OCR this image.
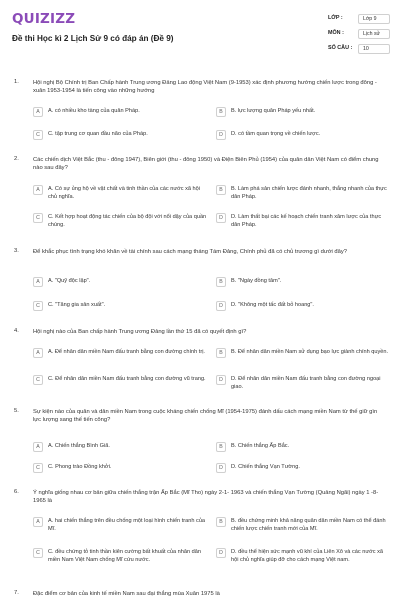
QUIZIZZ
Đề thi Học kì 2 Lịch Sử 9 có đáp án (Đề 9)
LỚP :	Lớp 9
MÔN :	Lịch sử
SỐ CÂU :	10
1. Hội nghị Bộ Chính trị Ban Chấp hành Trung ương Đảng Lao động Việt Nam (9-1953) xác định phương hướng chiến lược trong đông - xuân 1953-1954 là tiến công vào những hướng
A	A. có nhiều kho tàng của quân Pháp.	B	B. lực lượng quân Pháp yếu nhất.
C	C. tập trung cơ quan đầu não của Pháp.	D	D. có tầm quan trọng về chiến lược.
2. Các chiến dịch Việt Bắc (thu - đông 1947), Biên giới (thu - đông 1950) và Điện Biên Phủ (1954) của quân dân Việt Nam có điểm chung nào sau đây?
A	A. Có sự ủng hộ về vật chất và tinh thần của các nước xã hội chủ nghĩa.
B	B. Làm phá sản chiến lược đánh nhanh, thắng nhanh của thực dân Pháp.
C	C. Kết hợp hoạt động tác chiến của bộ đội với nổi dậy của quần chúng.
D	D. Làm thất bại các kế hoạch chiến tranh xâm lược của thực dân Pháp.
3. Để khắc phục tình trạng khó khăn về tài chính sau cách mạng tháng Tám Đảng, Chính phủ đã có chủ trương gì dưới đây?
A	A. "Quỹ độc lập".	B	B. "Ngày đồng tâm".
C	C. "Tăng gia sản xuất".	D	D. "Không một tấc đất bỏ hoang".
4. Hội nghị nào của Ban chấp hành Trung ương Đảng lần thứ 15 đã có quyết định gì?
A	A. Để nhân dân miền Nam đấu tranh bằng con đường chính trị.	B	B. Để nhân dân miền Nam sử dụng bạo lực giành chính quyền.
C	C. Để nhân dân miền Nam đấu tranh bằng con đường vũ trang.	D	D. Để nhân dân miền Nam đấu tranh bằng con đường ngoại giao.
5. Sự kiện nào của quân và dân miền Nam trong cuộc kháng chiến chống Mĩ (1954-1975) đánh dấu cách mạng miền Nam từ thế giữ gìn lực lượng sang thế tiến công?
A	A. Chiến thắng Bình Giã.	B	B. Chiến thắng Ấp Bắc.
C	C. Phong trào Đồng khởi.	D	D. Chiến thắng Vạn Tường.
6. Ý nghĩa giống nhau cơ bản giữa chiến thắng trận Ấp Bắc (Mĩ Tho) ngày 2-1- 1963 và chiến thắng Vạn Tường (Quảng Ngãi) ngày 1 -8-1965 là
A	A. hai chiến thắng trên đều chống một loại hình chiến tranh của Mĩ.
B	B. đều chứng minh khả năng quân dân miền Nam có thể đánh chiến lược chiến tranh mới của Mĩ.
C	C. đều chứng tỏ tinh thần kiên cường bất khuất của nhân dân miền Nam Việt Nam chống Mĩ cứu nước.
D	D. đều thể hiện sức mạnh vũ khí của Liên Xô và các nước xã hội chủ nghĩa giúp đỡ cho cách mạng Việt nam.
7. Đặc điểm cơ bản của kinh tế miền Nam sau đại thắng mùa Xuân 1975 là
